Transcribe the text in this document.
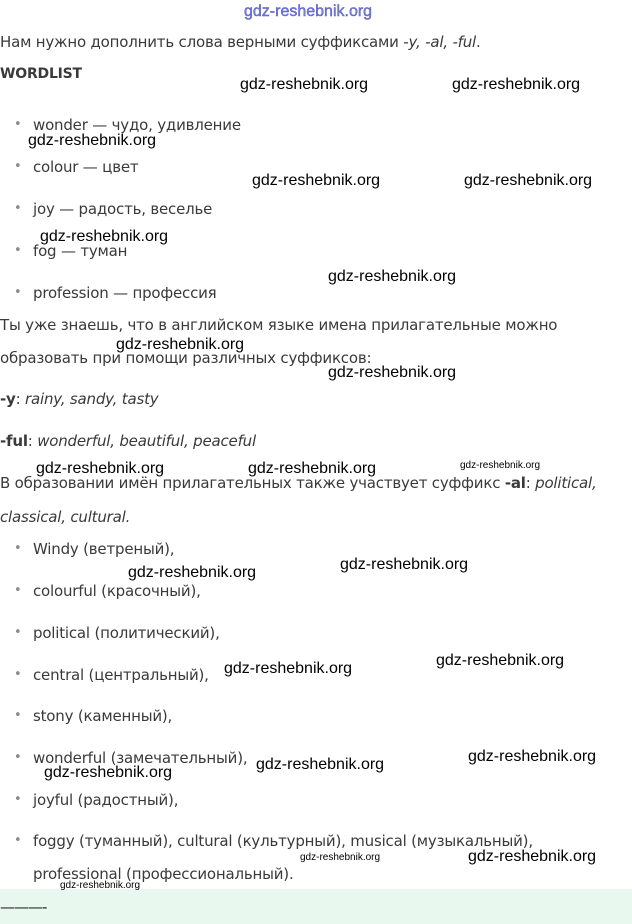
gdz-reshebnik.org

Нам нужно дополнить слова верными суффиксами -y, -al, -ful.

WORDLIST

• wonder — чудо, удивление

• colour — цвет

• joy — радость, веселье

• fog — туман

• profession — профессия

Ты уже знаешь, что в английском языке имена прилагательные можно

образовать при помощи различных суффиксов:

-y: rainy, sandy, tasty

-ful: wonderful, beautiful, peaceful

В образовании имён прилагательных также участвует суффикс -al: political,

classical, cultural.

• Windy (ветреный),

• colourful (красочный),

• political (политический),

• central (центральный),

• stony (каменный),

• wonderful (замечательный),

• joyful (радостный),

• foggy (туманный), cultural (культурный), musical (музыкальный),

professional (профессиональный).

———-
gdz-reshebnik.org	gdz-reshebnik.org
gdz-reshebnik.org
gdz-reshebnik.org	gdz-reshebnik.org
gdz-reshebnik.org
gdz-reshebnik.org
gdz-reshebnik.org
gdz-reshebnik.org
gdz-reshebnik.org	gdz-reshebnik.org	gdz-reshebnik.org
gdz-reshebnik.org
gdz-reshebnik.org
gdz-reshebnik.org
gdz-reshebnik.org
gdz-reshebnik.org
gdz-reshebnik.org
gdz-reshebnik.org
gdz-reshebnik.org
gdz-reshebnik.org
gdz-reshebnik.org
